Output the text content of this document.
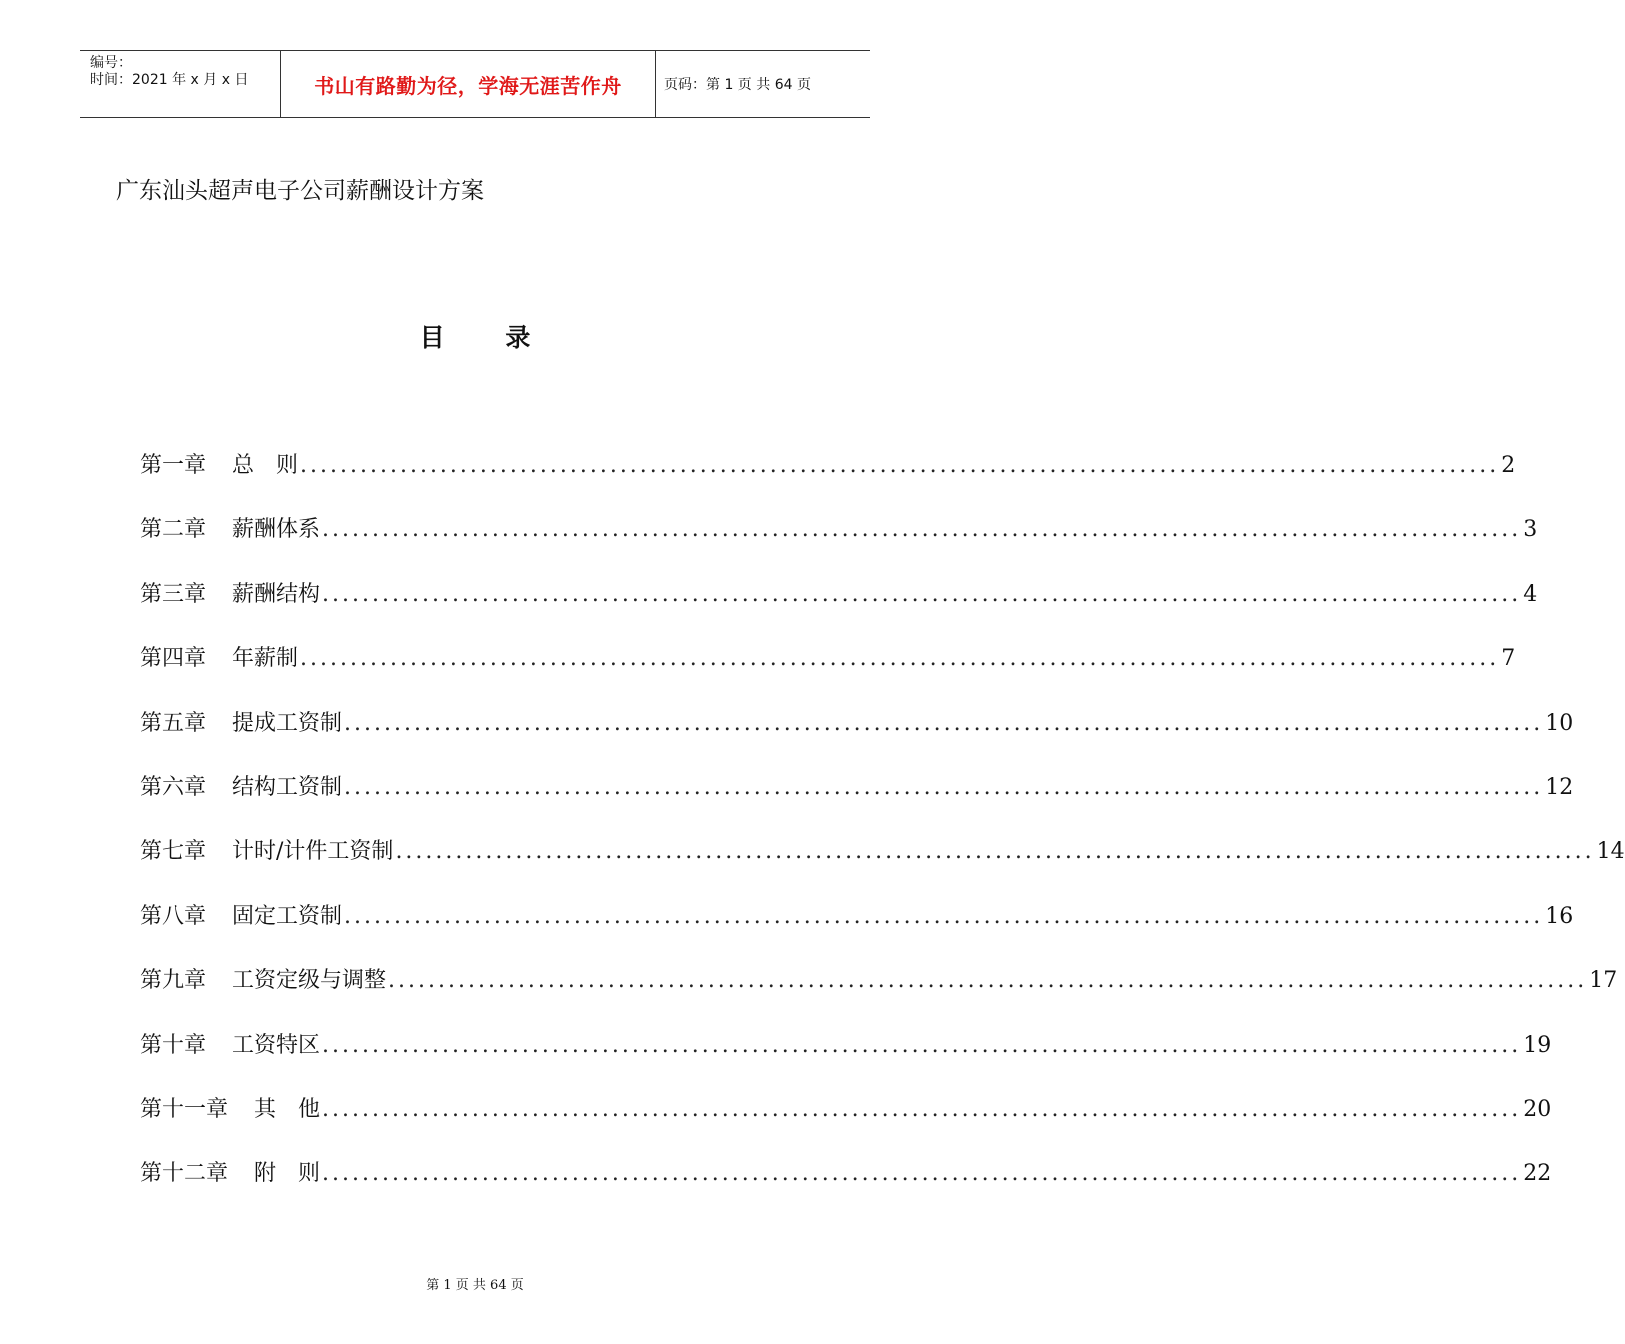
编号：
时间：2021 年 x 月 x 日	书山有路勤为径，学海无涯苦作舟	页码：第 1 页 共 64 页
广东汕头超声电子公司薪酬设计方案
目 录
第一章 总　则 ........................................................................................................................ 2
第二章 薪酬体系 ........................................................................................................................ 3
第三章 薪酬结构 ........................................................................................................................ 4
第四章 年薪制 ........................................................................................................................ 7
第五章 提成工资制 ........................................................................................................................ 10
第六章 结构工资制 ........................................................................................................................ 12
第七章 计时/计件工资制 ........................................................................................................................ 14
第八章 固定工资制 ........................................................................................................................ 16
第九章 工资定级与调整 ........................................................................................................................ 17
第十章 工资特区 ........................................................................................................................ 19
第十一章 其　他 ........................................................................................................................ 20
第十二章 附　则 ........................................................................................................................ 22
第 1 页 共 64 页
